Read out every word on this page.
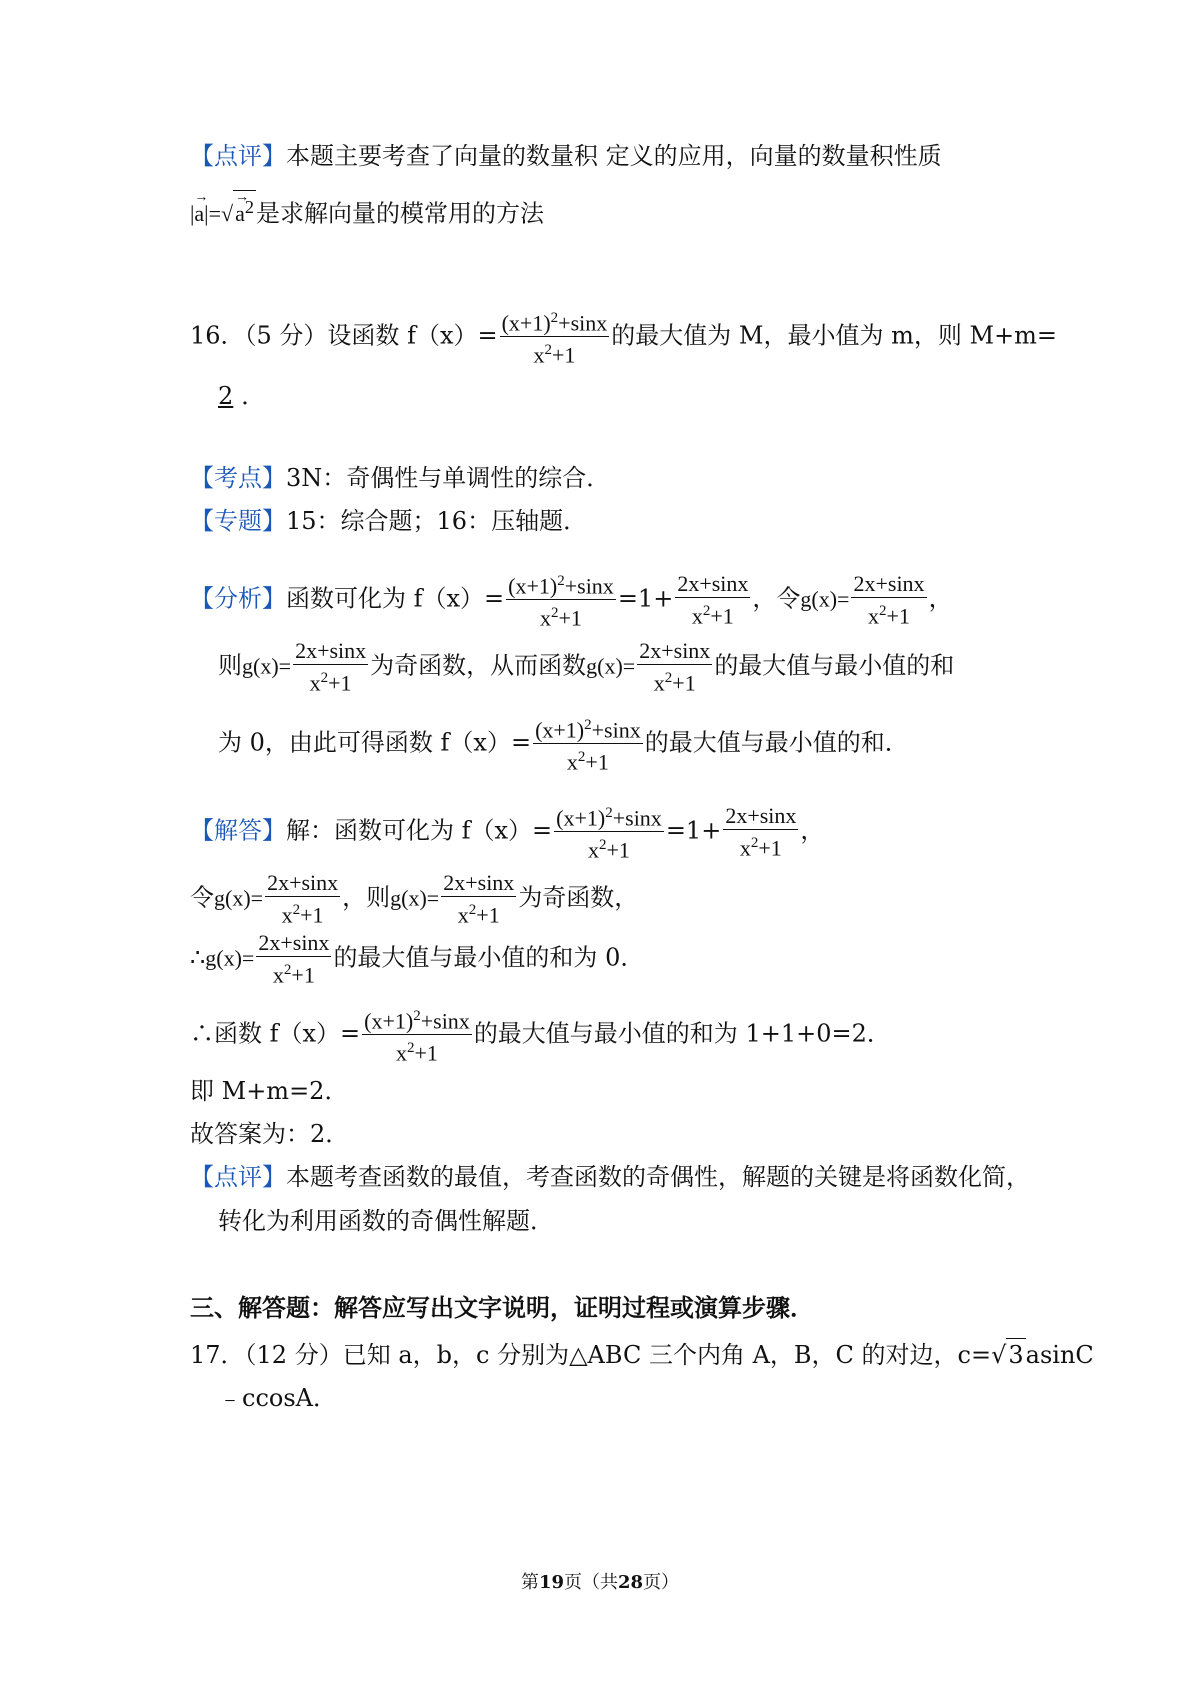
【点评】本题主要考查了向量的数量积 定义的应用，向量的数量积性质
|→ $a|=√\to a^2$是求解向量的模常用的方法
16．（5 分）设函数 $f(x)= \frac{(x+1)^2+\sin x}{x^2+1}$ 的最大值为 M，最小值为 m，则 M+m=
2 ．
【考点】3N：奇偶性与单调性的综合．
【专题】15：综合题；16：压轴题．
【分析】函数可化为 $f(x)= \frac{(x+1)^2+\sin x}{x^2+1} =1+ \frac{2x+\sin x}{x^2+1}$ ，令$g(x)= \frac{2x+\sin x}{x^2+1}$ ，
则$g(x)= \frac{2x+\sin x}{x^2+1}$ 为奇函数，从而函数$g(x)= \frac{2x+\sin x}{x^2+1}$ 的最大值与最小值的和
为 0，由此可得函数 $f(x)= \frac{(x+1)^2+\sin x}{x^2+1}$ 的最大值与最小值的和．
【解答】解：函数可化为 $f(x)= \frac{(x+1)^2+\sin x}{x^2+1} =1+ \frac{2x+\sin x}{x^2+1}$ ，
令$g(x)= \frac{2x+\sin x}{x^2+1}$ ，则$g(x)= \frac{2x+\sin x}{x^2+1}$ 为奇函数，
∴g(x)= $\frac{2x+\sin x}{x^2+1}$ 的最大值与最小值的和为 0．
∴函数 $f(x)= \frac{(x+1)^2+\sin x}{x^2+1}$ 的最大值与最小值的和为 1+1+0=2．
即 M+m=2．
故答案为：2．
【点评】本题考查函数的最值，考查函数的奇偶性，解题的关键是将函数化简，
转化为利用函数的奇偶性解题．
三、解答题：解答应写出文字说明，证明过程或演算步骤．
17．（12 分）已知 a，b，c 分别为△ABC 三个内角 A，B，C 的对边，c=√3asinC
﹣ccosA．
第19页（共28页）
